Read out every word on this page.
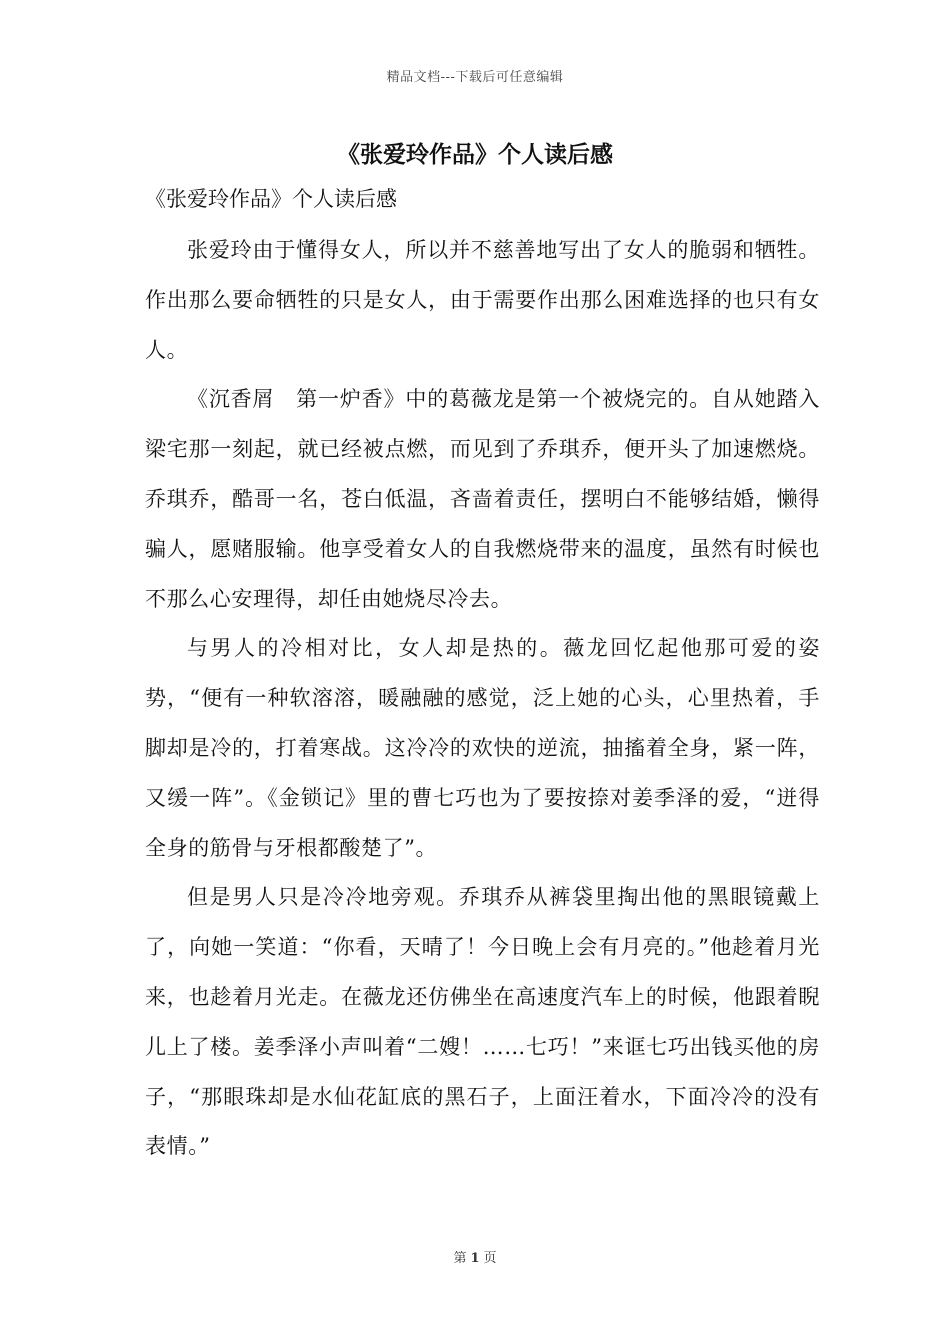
精品文档---下载后可任意编辑
《张爱玲作品》个人读后感
《张爱玲作品》个人读后感

张爱玲由于懂得女人，所以并不慈善地写出了女人的脆弱和牺牲。作出那么要命牺牲的只是女人，由于需要作出那么困难选择的也只有女人。

《沉香屑　第一炉香》中的葛薇龙是第一个被烧完的。自从她踏入梁宅那一刻起，就已经被点燃，而见到了乔琪乔，便开头了加速燃烧。乔琪乔，酷哥一名，苍白低温，吝啬着责任，摆明白不能够结婚，懒得骗人，愿赌服输。他享受着女人的自我燃烧带来的温度，虽然有时候也不那么心安理得，却任由她烧尽冷去。

与男人的冷相对比，女人却是热的。薇龙回忆起他那可爱的姿势，“便有一种软溶溶，暖融融的感觉，泛上她的心头，心里热着，手脚却是冷的，打着寒战。这冷冷的欢快的逆流，抽搐着全身，紧一阵，又缓一阵”。《金锁记》里的曹七巧也为了要按捺对姜季泽的爱，“迸得全身的筋骨与牙根都酸楚了”。

但是男人只是冷冷地旁观。乔琪乔从裤袋里掏出他的黑眼镜戴上了，向她一笑道：“你看，天晴了！今日晚上会有月亮的。”他趁着月光来，也趁着月光走。在薇龙还仿佛坐在高速度汽车上的时候，他跟着睨儿上了楼。姜季泽小声叫着“二嫂！……七巧！”来诓七巧出钱买他的房子，“那眼珠却是水仙花缸底的黑石子，上面汪着水，下面冷冷的没有表情。”

第 1 页
